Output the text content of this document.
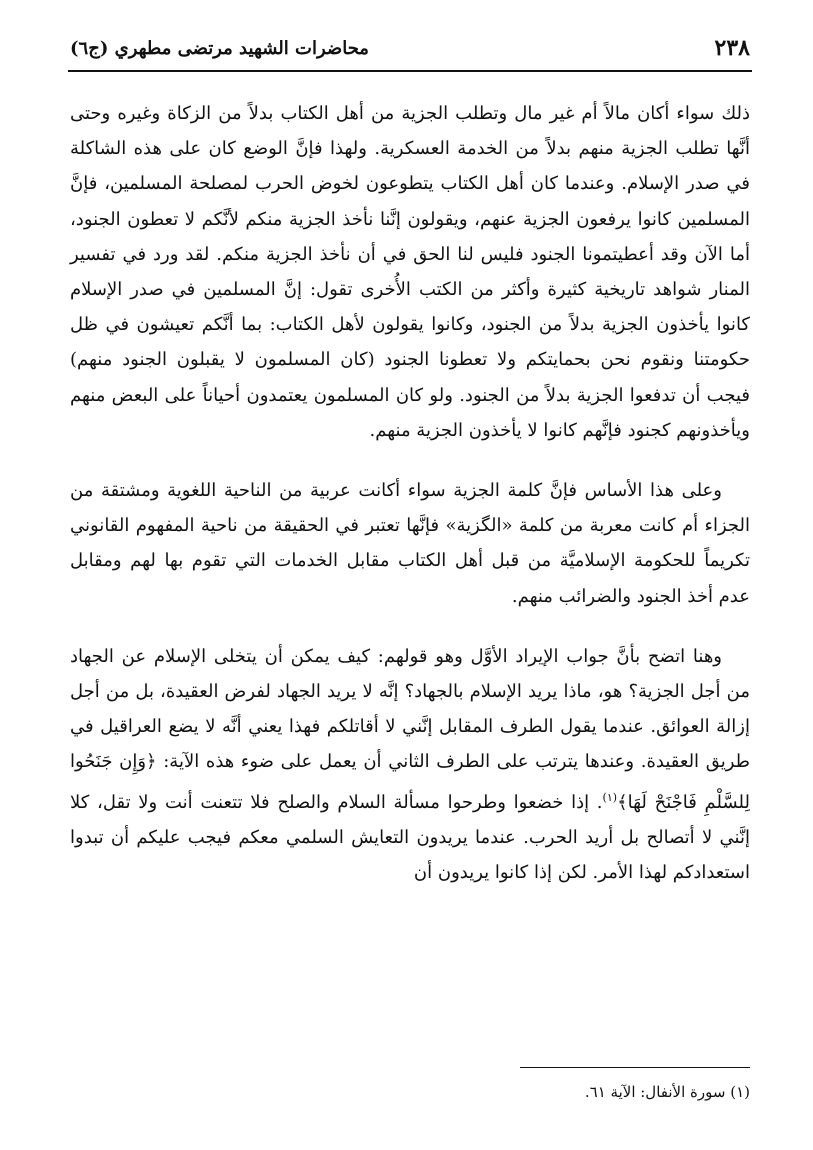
٢٣٨
محاضرات الشهيد مرتضى مطهري (ج٦)

ذلك سواء أكان مالاً أم غير مال وتطلب الجزية من أهل الكتاب بدلاً من الزكاة وغيره وحتى أنَّها تطلب الجزية منهم بدلاً من الخدمة العسكرية. ولهذا فإنَّ الوضع كان على هذه الشاكلة في صدر الإسلام. وعندما كان أهل الكتاب يتطوعون لخوض الحرب لمصلحة المسلمين، فإنَّ المسلمين كانوا يرفعون الجزية عنهم، ويقولون إنَّنا نأخذ الجزية منكم لأنَّكم لا تعطون الجنود، أما الآن وقد أعطيتمونا الجنود فليس لنا الحق في أن نأخذ الجزية منكم. لقد ورد في تفسير المنار شواهد تاريخية كثيرة وأكثر من الكتب الأُخرى تقول: إنَّ المسلمين في صدر الإسلام كانوا يأخذون الجزية بدلاً من الجنود، وكانوا يقولون لأهل الكتاب: بما أنَّكم تعيشون في ظل حكومتنا ونقوم نحن بحمايتكم ولا تعطونا الجنود (كان المسلمون لا يقبلون الجنود منهم) فيجب أن تدفعوا الجزية بدلاً من الجنود. ولو كان المسلمون يعتمدون أحياناً على البعض منهم ويأخذونهم كجنود فإنَّهم كانوا لا يأخذون الجزية منهم.

وعلى هذا الأساس فإنَّ كلمة الجزية سواء أكانت عربية من الناحية اللغوية ومشتقة من الجزاء أم كانت معربة من كلمة «الگزية» فإنَّها تعتبر في الحقيقة من ناحية المفهوم القانوني تكريماً للحكومة الإسلاميَّة من قبل أهل الكتاب مقابل الخدمات التي تقوم بها لهم ومقابل عدم أخذ الجنود والضرائب منهم.

وهنا اتضح بأنَّ جواب الإيراد الأوَّل وهو قولهم: كيف يمكن أن يتخلى الإسلام عن الجهاد من أجل الجزية؟ هو، ماذا يريد الإسلام بالجهاد؟ إنَّه لا يريد الجهاد لفرض العقيدة، بل من أجل إزالة العوائق. عندما يقول الطرف المقابل إنَّني لا أقاتلكم فهذا يعني أنَّه لا يضع العراقيل في طريق العقيدة. وعندها يترتب على الطرف الثاني أن يعمل على ضوء هذه الآية: ﴿وَإِن جَنَحُوا لِلسَّلْمِ فَاجْنَحْ لَهَا﴾$^{(١)}$. إذا خضعوا وطرحوا مسألة السلام والصلح فلا تتعنت أنت ولا تقل، كلا إنَّني لا أتصالح بل أريد الحرب. عندما يريدون التعايش السلمي معكم فيجب عليكم أن تبدوا استعدادكم لهذا الأمر. لكن إذا كانوا يريدون أن

(١) سورة الأنفال: الآية ٦١.
